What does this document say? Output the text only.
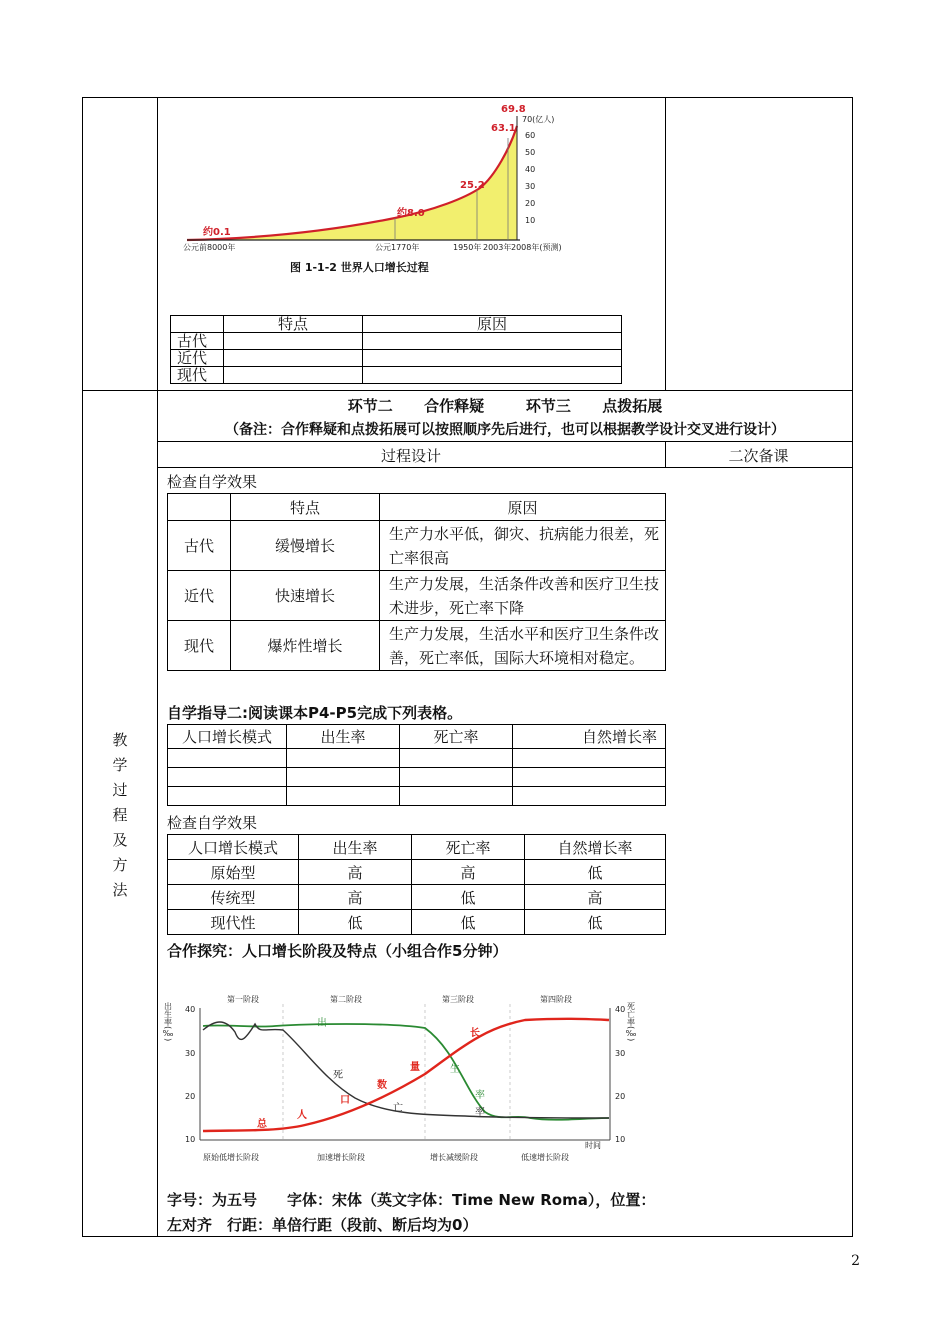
70(亿人)
60
50
40
30
20
10
公元前8000年	公元1770年	1950年 2003年 2008年(预测)
约0.1
约8.0
25.2
63.1
69.8
图 1-1-2 世界人口增长过程
	特点	原因
古代		
近代		
现代		
环节二 合作释疑	环节三 点拨拓展
（备注：合作释疑和点拨拓展可以按照顺序先后进行，也可以根据教学设计交叉进行设计）
过程设计	二次备课
教
学
过
程
及
方
法
检查自学效果
	特点	原因
古代	缓慢增长	生产力水平低，御灾、抗病能力很差，死亡率很高
近代	快速增长	生产力发展，生活条件改善和医疗卫生技术进步，死亡率下降
现代	爆炸性增长	生产力发展，生活水平和医疗卫生条件改善，死亡率低，国际大环境相对稳定。
自学指导二:阅读课本P4-P5完成下列表格。
人口增长模式	出生率	死亡率	自然增长率

检查自学效果
人口增长模式	出生率	死亡率	自然增长率
原始型	高	高	低
传统型	高	低	高
现代性	低	低	低
合作探究：人口增长阶段及特点（小组合作5分钟）
第一阶段	第二阶段	第三阶段	第四阶段
40
30
20
10
40
30
20
10
时间
原始低增长阶段	加速增长阶段	增长减缓阶段	低速增长阶段
出生率(‰)	死亡率(‰)
出
生
率
死
亡	率
总
人
口
数
量
长
字号：为五号　　字体：宋体（英文字体：Time New Roma），位置：左对齐　行距：单倍行距（段前、断后均为0）
2
